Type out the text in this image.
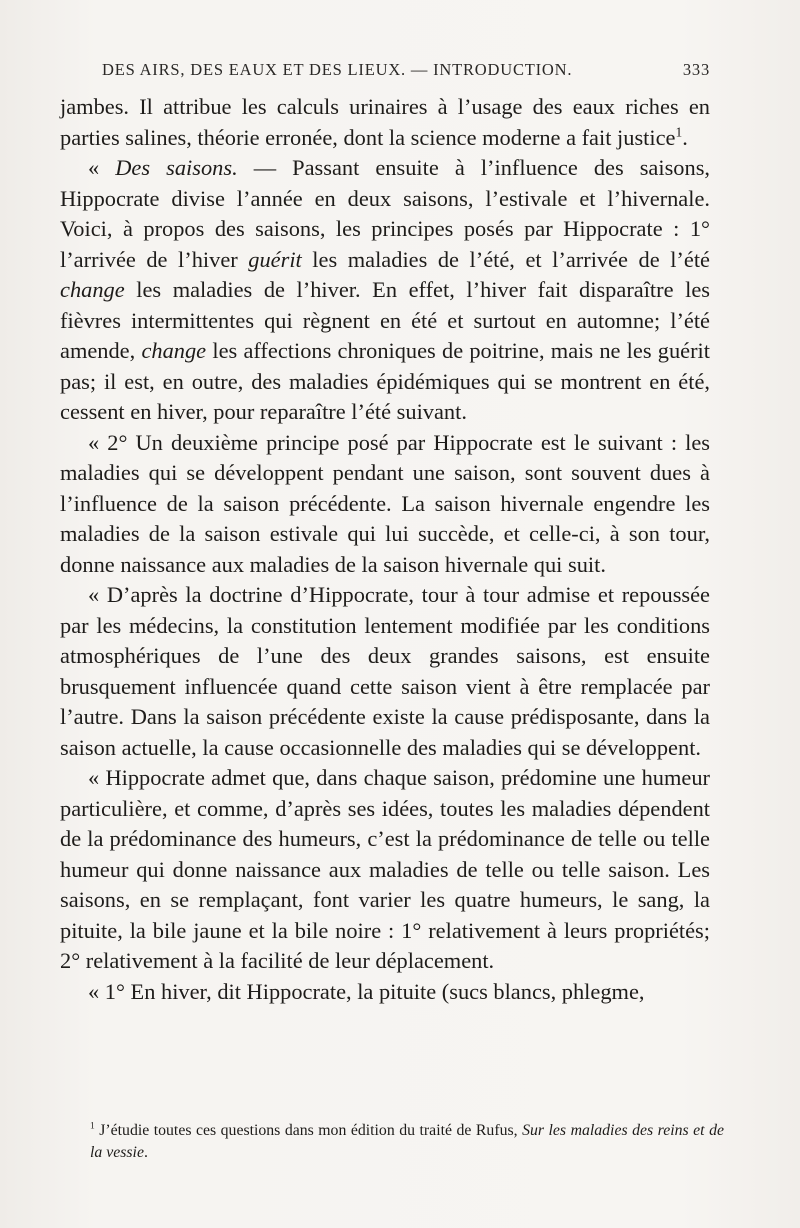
DES AIRS, DES EAUX ET DES LIEUX. — INTRODUCTION.	333

jambes. Il attribue les calculs urinaires à l’usage des eaux riches en parties salines, théorie erronée, dont la science moderne a fait justice$^1$.

« Des saisons. — Passant ensuite à l’influence des saisons, Hippocrate divise l’année en deux saisons, l’estivale et l’hivernale. Voici, à propos des saisons, les principes posés par Hippocrate : 1° l’arrivée de l’hiver guérit les maladies de l’été, et l’arrivée de l’été change les maladies de l’hiver. En effet, l’hiver fait disparaître les fièvres intermittentes qui règnent en été et surtout en automne; l’été amende, change les affections chroniques de poitrine, mais ne les guérit pas; il est, en outre, des maladies épidémiques qui se montrent en été, cessent en hiver, pour reparaître l’été suivant.

« 2° Un deuxième principe posé par Hippocrate est le suivant : les maladies qui se développent pendant une saison, sont souvent dues à l’influence de la saison précédente. La saison hivernale engendre les maladies de la saison estivale qui lui succède, et celle-ci, à son tour, donne naissance aux maladies de la saison hivernale qui suit.

« D’après la doctrine d’Hippocrate, tour à tour admise et repoussée par les médecins, la constitution lentement modifiée par les conditions atmosphériques de l’une des deux grandes saisons, est ensuite brusquement influencée quand cette saison vient à être remplacée par l’autre. Dans la saison précédente existe la cause prédisposante, dans la saison actuelle, la cause occasionnelle des maladies qui se développent.

« Hippocrate admet que, dans chaque saison, prédomine une humeur particulière, et comme, d’après ses idées, toutes les maladies dépendent de la prédominance des humeurs, c’est la prédominance de telle ou telle humeur qui donne naissance aux maladies de telle ou telle saison. Les saisons, en se remplaçant, font varier les quatre humeurs, le sang, la pituite, la bile jaune et la bile noire : 1° relativement à leurs propriétés; 2° relativement à la facilité de leur déplacement.

« 1° En hiver, dit Hippocrate, la pituite (sucs blancs, phlegme,

$^1$ J’étudie toutes ces questions dans mon édition du traité de Rufus, Sur les maladies des reins et de la vessie.
